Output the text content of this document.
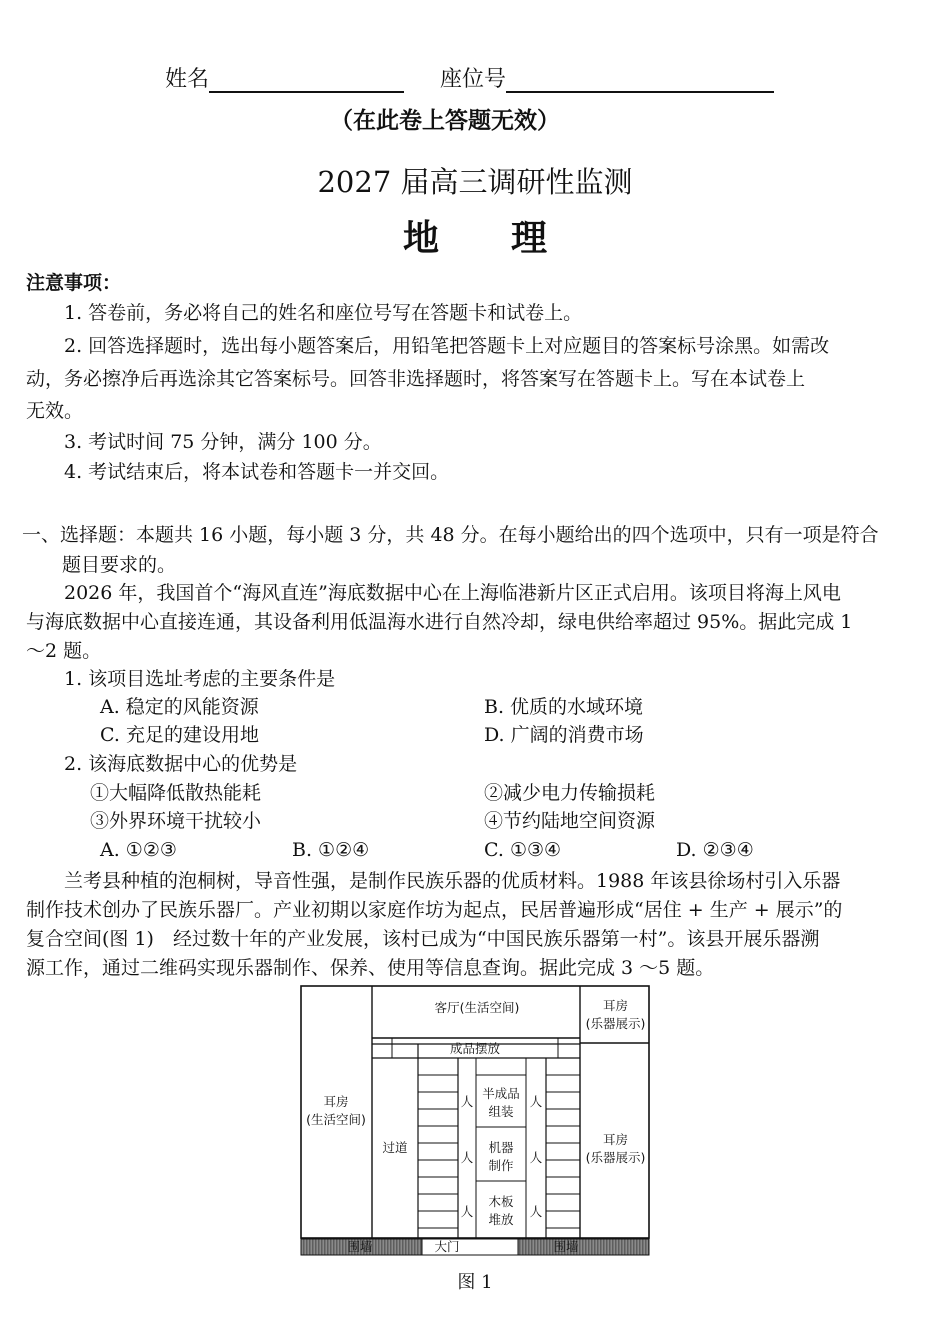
姓名	座位号
（在此卷上答题无效）
2027 届高三调研性监测
地　　理
注意事项：
1. 答卷前，务必将自己的姓名和座位号写在答题卡和试卷上。
2. 回答选择题时，选出每小题答案后，用铅笔把答题卡上对应题目的答案标号涂黑。如需改
动，务必擦净后再选涂其它答案标号。回答非选择题时，将答案写在答题卡上。写在本试卷上
无效。
3. 考试时间 75 分钟，满分 100 分。
4. 考试结束后，将本试卷和答题卡一并交回。
一、选择题：本题共 16 小题，每小题 3 分，共 48 分。在每小题给出的四个选项中，只有一项是符合
题目要求的。
2026 年，我国首个“海风直连”海底数据中心在上海临港新片区正式启用。该项目将海上风电
与海底数据中心直接连通，其设备利用低温海水进行自然冷却，绿电供给率超过 95%。据此完成 1
～2 题。
1. 该项目选址考虑的主要条件是
A. 稳定的风能资源	B. 优质的水域环境
C. 充足的建设用地	D. 广阔的消费市场
2. 该海底数据中心的优势是
①大幅降低散热能耗	②减少电力传输损耗
③外界环境干扰较小	④节约陆地空间资源
A. ①②③	B. ①②④	C. ①③④	D. ②③④
兰考县种植的泡桐树，导音性强，是制作民族乐器的优质材料。1988 年该县徐场村引入乐器
制作技术创办了民族乐器厂。产业初期以家庭作坊为起点，民居普遍形成“居住 + 生产 + 展示”的
复合空间(图 1)　经过数十年的产业发展，该村已成为“中国民族乐器第一村”。该县开展乐器溯
源工作，通过二维码实现乐器制作、保养、使用等信息查询。据此完成 3 ～5 题。
客厅(生活空间)	耳房
(乐器展示)
成品摆放
耳房
(生活空间)
过道
半成品
组装
机器
制作
木板
堆放
人	人
人	人
人	人
耳房
(乐器展示)
围墙	大门	围墙
图 1
